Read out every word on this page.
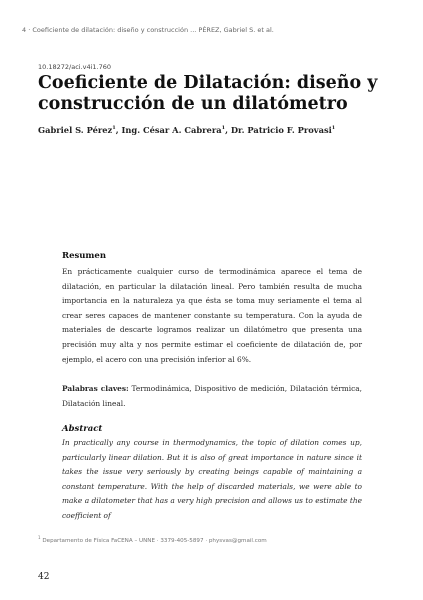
4 · Coeficiente de dilatación: diseño y construcción ... PÉREZ, Gabriel S. et al.
10.18272/aci.v4i1.760
Coeficiente de Dilatación: diseño y construcción de un dilatómetro
Gabriel S. Pérez$^1$, Ing. César A. Cabrera$^1$, Dr. Patricio F. Provasi$^1$
Resumen
En prácticamente cualquier curso de termodinámica aparece el tema de dilatación, en particular la dilatación lineal. Pero también resulta de mucha importancia en la naturaleza ya que ésta se toma muy seriamente el tema al crear seres capaces de mantener constante su temperatura. Con la ayuda de materiales de descarte logramos realizar un dilatómetro que presenta una precisión muy alta y nos permite estimar el coeficiente de dilatación de, por ejemplo, el acero con una precisión inferior al 6%.
Palabras claves: Termodinámica, Dispositivo de medición, Dilatación térmica, Dilatación lineal.
Abstract
In practically any course in thermodynamics, the topic of dilation comes up, particularly linear dilation. But it is also of great importance in nature since it takes the issue very seriously by creating beings capable of maintaining a constant temperature. With the help of discarded materials, we were able to make a dilatometer that has a very high precision and allows us to estimate the coefficient of
$^1$ Departamento de Física FaCENA – UNNE · 3379-405-5897 · physvas@gmail.com
42
